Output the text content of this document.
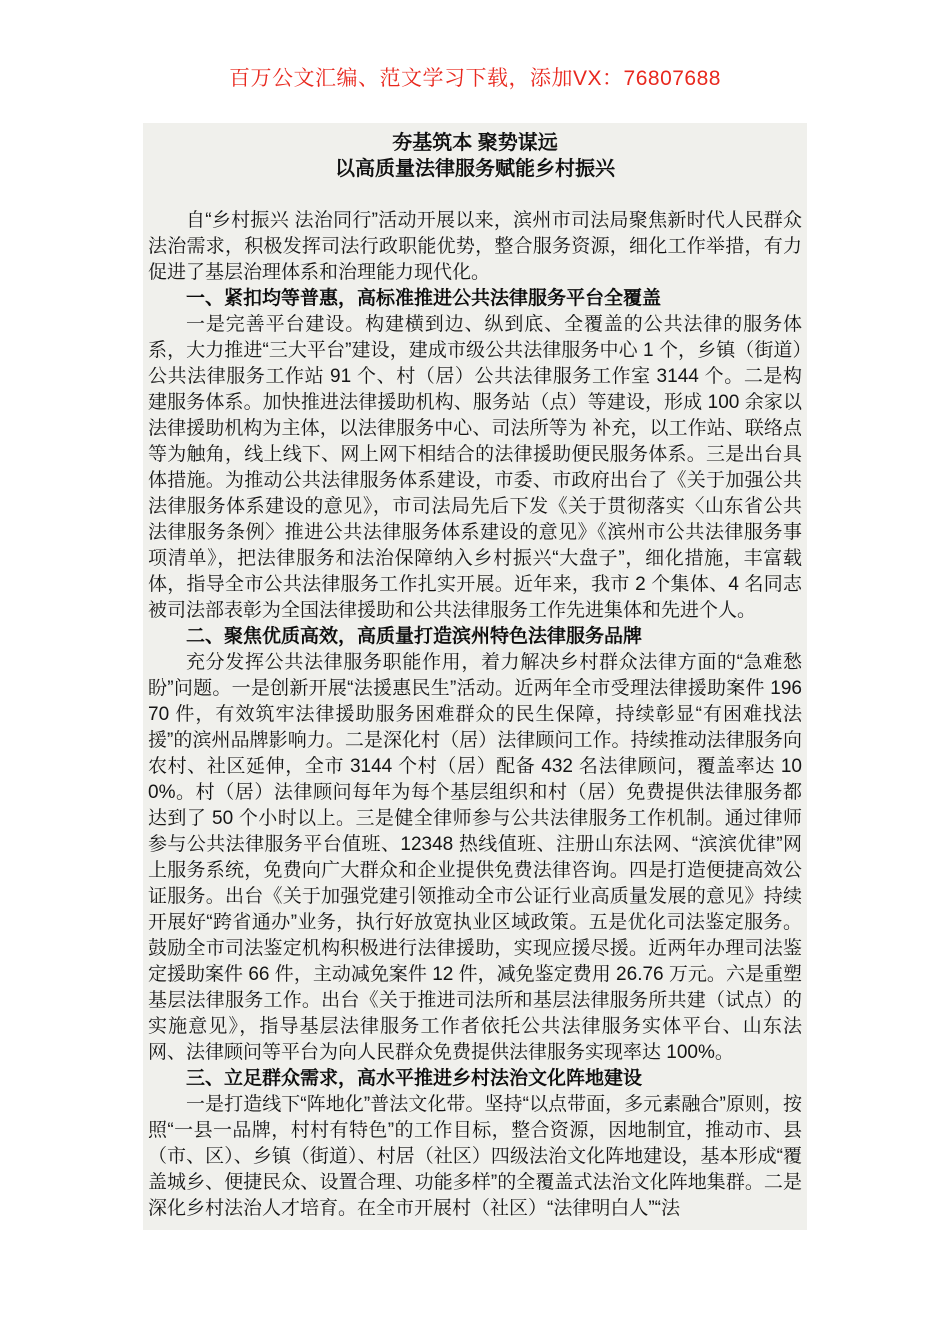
百万公文汇编、范文学习下载，添加VX：76807688
夯基筑本 聚势谋远
以高质量法律服务赋能乡村振兴

自“乡村振兴 法治同行”活动开展以来，滨州市司法局聚焦新时代人民群众法治需求，积极发挥司法行政职能优势，整合服务资源，细化工作举措，有力促进了基层治理体系和治理能力现代化。

一、紧扣均等普惠，高标准推进公共法律服务平台全覆盖

一是完善平台建设。构建横到边、纵到底、全覆盖的公共法律的服务体系，大力推进“三大平台”建设，建成市级公共法律服务中心 1 个，乡镇（街道）公共法律服务工作站 91 个、村（居）公共法律服务工作室 3144 个。二是构建服务体系。加快推进法律援助机构、服务站（点）等建设，形成 100 余家以法律援助机构为主体，以法律服务中心、司法所等为 补充，以工作站、联络点等为触角，线上线下、网上网下相结合的法律援助便民服务体系。三是出台具体措施。为推动公共法律服务体系建设，市委、市政府出台了《关于加强公共法律服务体系建设的意见》，市司法局先后下发《关于贯彻落实〈山东省公共法律服务条例〉推进公共法律服务体系建设的意见》《滨州市公共法律服务事项清单》，把法律服务和法治保障纳入乡村振兴“大盘子”，细化措施，丰富载体，指导全市公共法律服务工作扎实开展。近年来，我市 2 个集体、4 名同志被司法部表彰为全国法律援助和公共法律服务工作先进集体和先进个人。

二、聚焦优质高效，高质量打造滨州特色法律服务品牌

充分发挥公共法律服务职能作用，着力解决乡村群众法律方面的“急难愁盼”问题。一是创新开展“法援惠民生”活动。近两年全市受理法律援助案件 19670 件，有效筑牢法律援助服务困难群众的民生保障，持续彰显“有困难找法援”的滨州品牌影响力。二是深化村（居）法律顾问工作。持续推动法律服务向农村、社区延伸，全市 3144 个村（居）配备 432 名法律顾问，覆盖率达 100%。村（居）法律顾问每年为每个基层组织和村（居）免费提供法律服务都达到了 50 个小时以上。三是健全律师参与公共法律服务工作机制。通过律师参与公共法律服务平台值班、12348 热线值班、注册山东法网、“滨滨优律”网上服务系统，免费向广大群众和企业提供免费法律咨询。四是打造便捷高效公证服务。出台《关于加强党建引领推动全市公证行业高质量发展的意见》持续开展好“跨省通办”业务，执行好放宽执业区域政策。五是优化司法鉴定服务。鼓励全市司法鉴定机构积极进行法律援助，实现应援尽援。近两年办理司法鉴定援助案件 66 件，主动减免案件 12 件，减免鉴定费用 26.76 万元。六是重塑基层法律服务工作。出台《关于推进司法所和基层法律服务所共建（试点）的实施意见》，指导基层法律服务工作者依托公共法律服务实体平台、山东法网、法律顾问等平台为向人民群众免费提供法律服务实现率达 100%。

三、立足群众需求，高水平推进乡村法治文化阵地建设

一是打造线下“阵地化”普法文化带。坚持“以点带面，多元素融合”原则，按照“一县一品牌，村村有特色”的工作目标，整合资源，因地制宜，推动市、县（市、区）、乡镇（街道）、村居（社区）四级法治文化阵地建设，基本形成“覆盖城乡、便捷民众、设置合理、功能多样”的全覆盖式法治文化阵地集群。二是深化乡村法治人才培育。在全市开展村（社区）“法律明白人”“法
